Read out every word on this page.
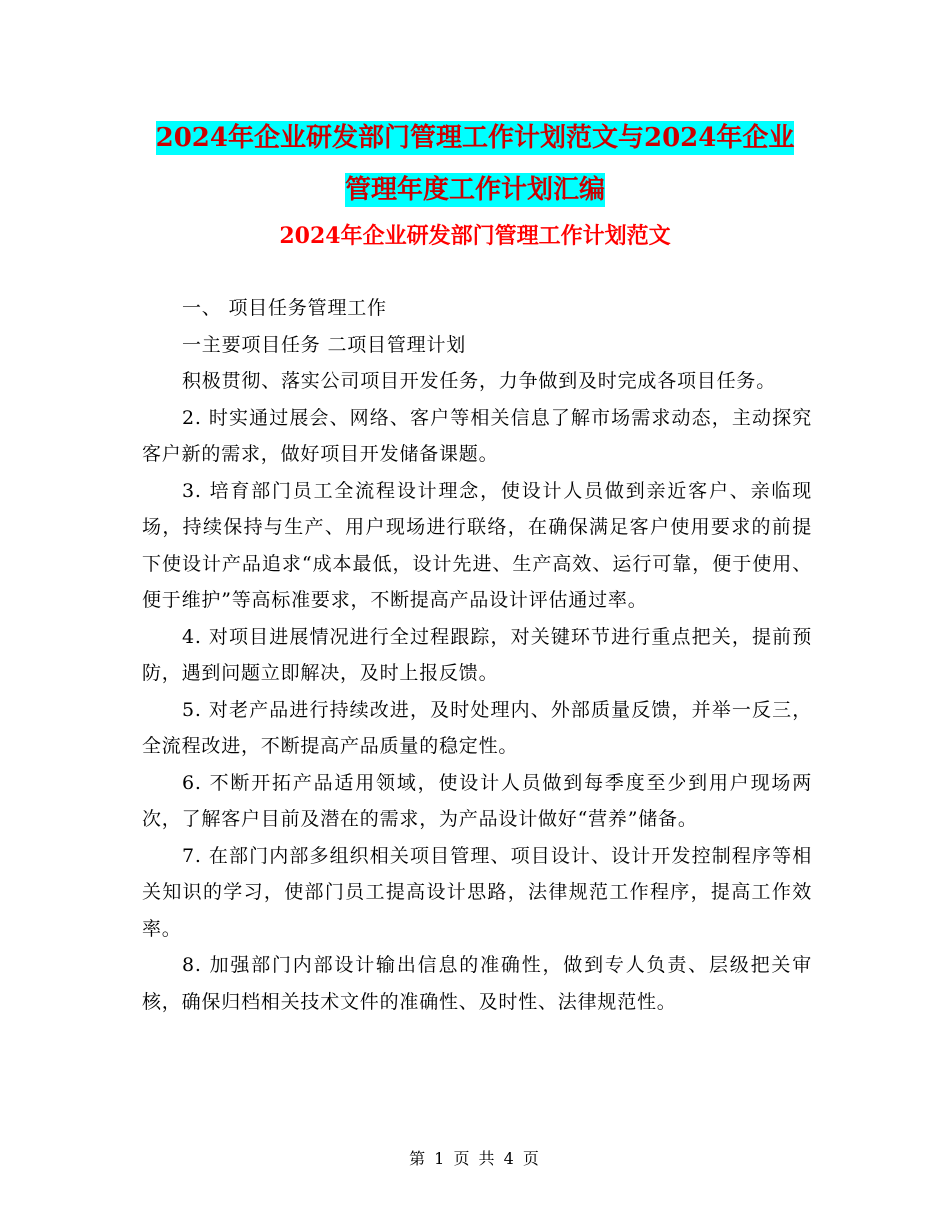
2024年企业研发部门管理工作计划范文与2024年企业
管理年度工作计划汇编
2024年企业研发部门管理工作计划范文

一、 项目任务管理工作

一主要项目任务 二项目管理计划

积极贯彻、落实公司项目开发任务，力争做到及时完成各项目任务。

2. 时实通过展会、网络、客户等相关信息了解市场需求动态，主动探究客户新的需求，做好项目开发储备课题。

3. 培育部门员工全流程设计理念，使设计人员做到亲近客户、亲临现场，持续保持与生产、用户现场进行联络，在确保满足客户使用要求的前提下使设计产品追求“成本最低，设计先进、生产高效、运行可靠，便于使用、便于维护”等高标准要求，不断提高产品设计评估通过率。

4. 对项目进展情况进行全过程跟踪，对关键环节进行重点把关，提前预防，遇到问题立即解决，及时上报反馈。

5. 对老产品进行持续改进，及时处理内、外部质量反馈，并举一反三，全流程改进，不断提高产品质量的稳定性。

6. 不断开拓产品适用领域，使设计人员做到每季度至少到用户现场两次，了解客户目前及潜在的需求，为产品设计做好“营养”储备。

7. 在部门内部多组织相关项目管理、项目设计、设计开发控制程序等相关知识的学习，使部门员工提高设计思路，法律规范工作程序，提高工作效率。

8. 加强部门内部设计输出信息的准确性，做到专人负责、层级把关审核，确保归档相关技术文件的准确性、及时性、法律规范性。

第 1 页 共 4 页
